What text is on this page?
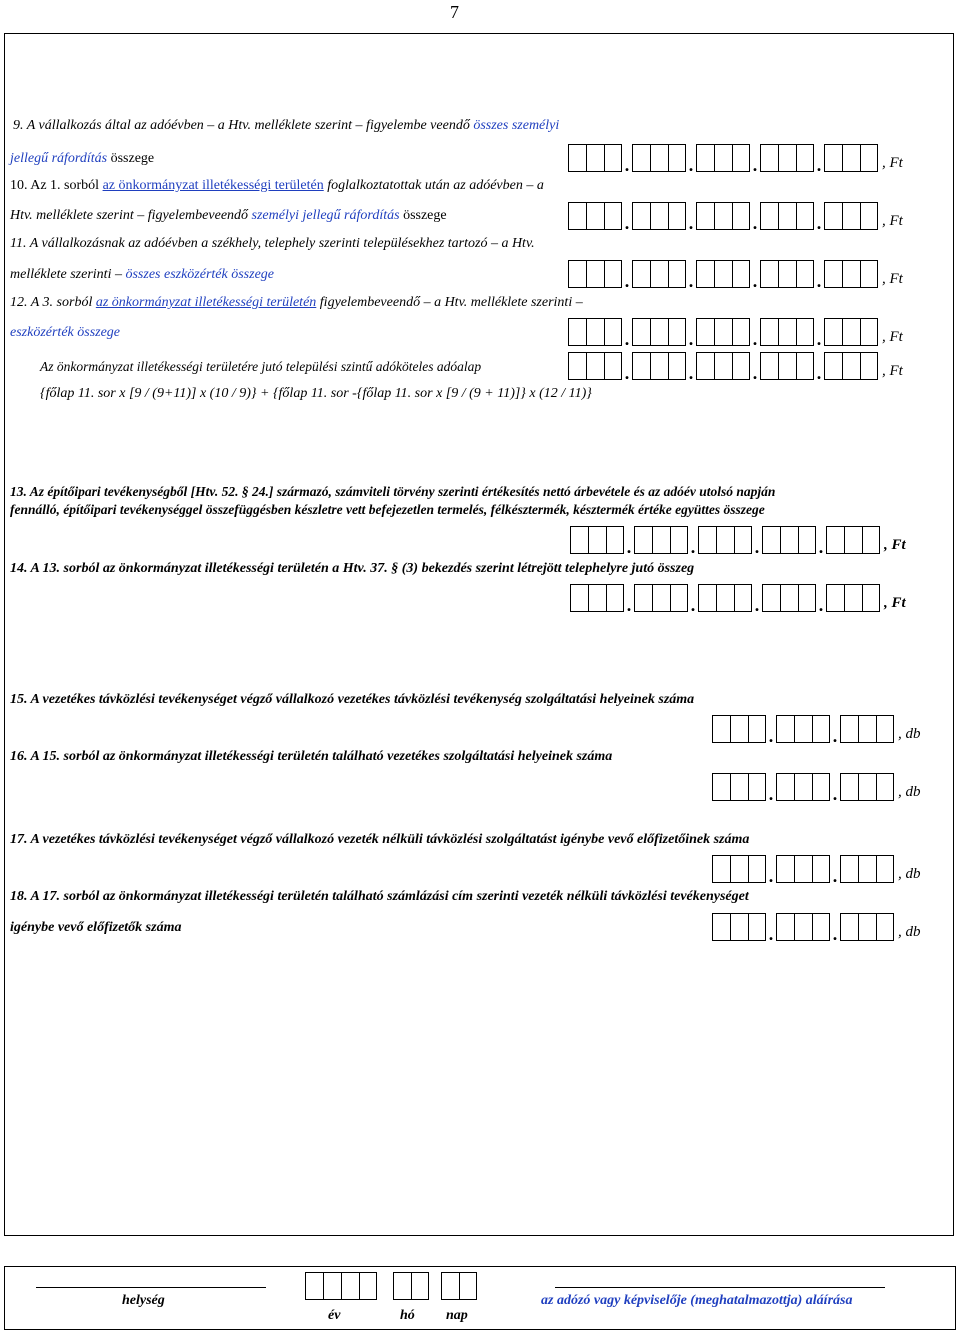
7
9. A vállalkozás által az adóévben – a Htv. melléklete szerint – figyelembe veendő összes személyi
jellegű ráfordítás összege	.	.	.	.	, Ft
10. Az 1. sorból az önkormányzat illetékességi területén foglalkoztatottak után az adóévben – a
Htv. melléklete szerint – figyelembeveendő személyi jellegű ráfordítás összege	.	.	.	.	, Ft
11. A vállalkozásnak az adóévben a székhely, telephely szerinti településekhez tartozó – a Htv.
melléklete szerinti – összes eszközérték összege	.	.	.	.	, Ft
12. A 3. sorból az önkormányzat illetékességi területén figyelembeveendő – a Htv. melléklete szerinti –
eszközérték összege	.	.	.	.	, Ft
Az önkormányzat illetékességi területére jutó települési szintű adóköteles adóalap	.	.	.	.	, Ft
{főlap 11. sor x [9 / (9+11)] x (10 / 9)} + {főlap 11. sor -{főlap 11. sor x [9 / (9 + 11)]} x (12 / 11)}
13. Az építőipari tevékenységből [Htv. 52. § 24.] származó, számviteli törvény szerinti értékesítés nettó árbevétele és az adóév utolsó napján
fennálló, építőipari tevékenységgel összefüggésben készletre vett befejezetlen termelés, félkésztermék, késztermék értéke együttes összege
.	.	.	.	, Ft
14. A 13. sorból az önkormányzat illetékességi területén a Htv. 37. § (3) bekezdés szerint létrejött telephelyre jutó összeg
.	.	.	.	, Ft
15. A vezetékes távközlési tevékenységet végző vállalkozó vezetékes távközlési tevékenység szolgáltatási helyeinek száma
.	.	, db
16. A 15. sorból az önkormányzat illetékességi területén található vezetékes szolgáltatási helyeinek száma
.	.	, db
17. A vezetékes távközlési tevékenységet végző vállalkozó vezeték nélküli távközlési szolgáltatást igénybe vevő előfizetőinek száma
.	.	, db
18. A 17. sorból az önkormányzat illetékességi területén található számlázási cím szerinti vezeték nélküli távközlési tevékenységet
igénybe vevő előfizetők száma	.	.	, db
helység
év	hó nap
az adózó vagy képviselője (meghatalmazottja) aláírása
